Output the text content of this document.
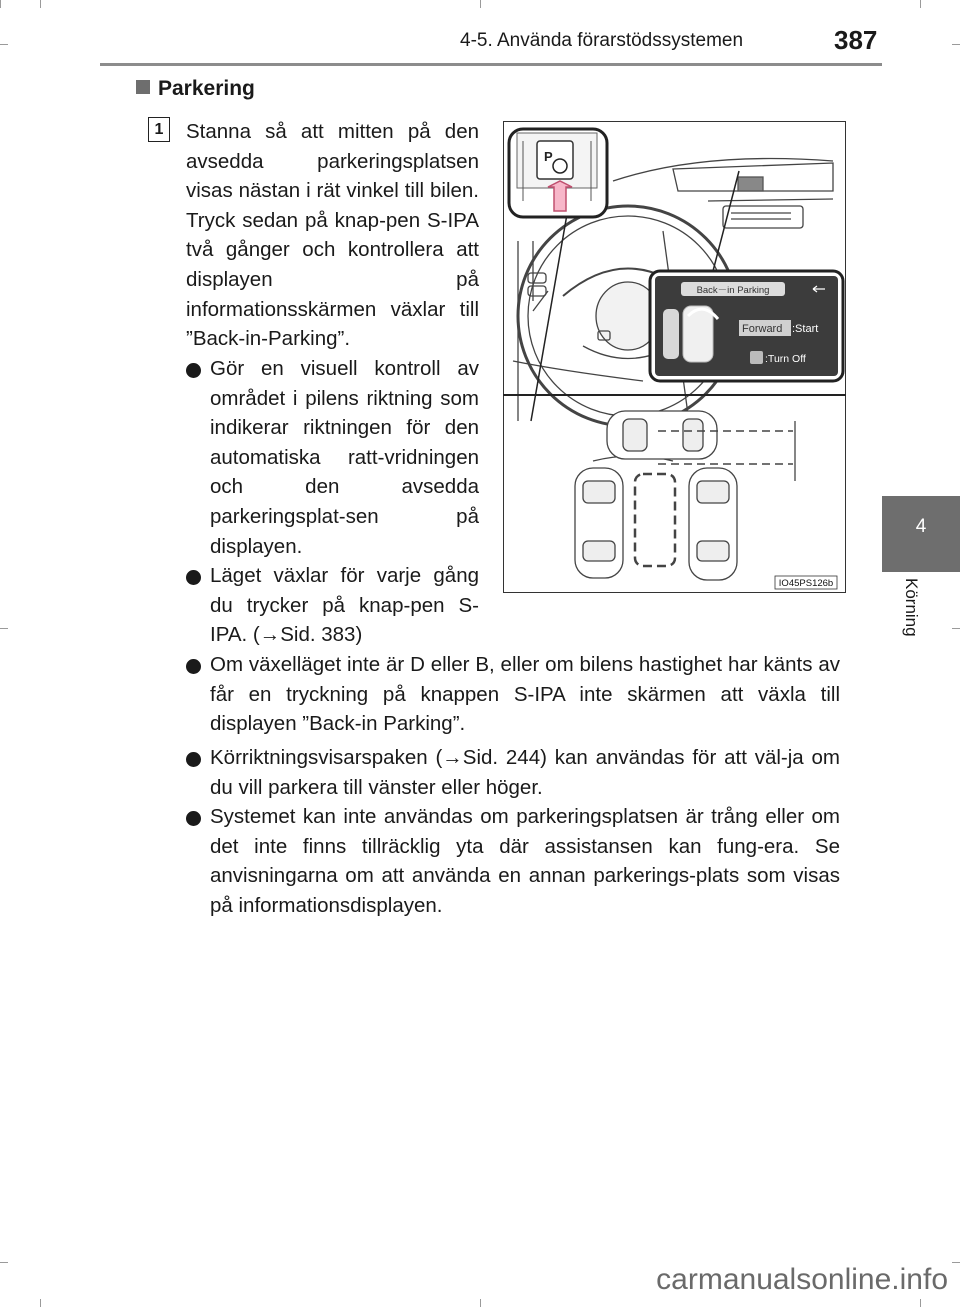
4-5. Använda förarstödssystemen	387
4
Körning
Parkering
1	Stanna så att mitten på den avsedda parkeringsplatsen visas nästan i rät vinkel till bilen. Tryck sedan på knap-pen S-IPA två gånger och kontrollera att displayen på informationsskärmen växlar till ”Back-in-Parking”.
Gör en visuell kontroll av området i pilens riktning som indikerar riktningen för den automatiska ratt-vridningen och den avsedda parkeringsplat-sen på displayen.
Läget växlar för varje gång du trycker på knap-pen S-IPA. (→Sid. 383)
Om växelläget inte är D eller B, eller om bilens hastighet har känts av får en tryckning på knappen S-IPA inte skärmen att växla till displayen ”Back-in Parking”.
Körriktningsvisarspaken (→Sid. 244) kan användas för att väl-ja om du vill parkera till vänster eller höger.
Systemet kan inte användas om parkeringsplatsen är trång eller om det inte finns tillräcklig yta där assistansen kan fung-era. Se anvisningarna om att använda en annan parkerings-plats som visas på informationsdisplayen.
P
Back－in Parking
Forward :Start
:Turn Off
IO45PS126b
carmanualsonline.info
